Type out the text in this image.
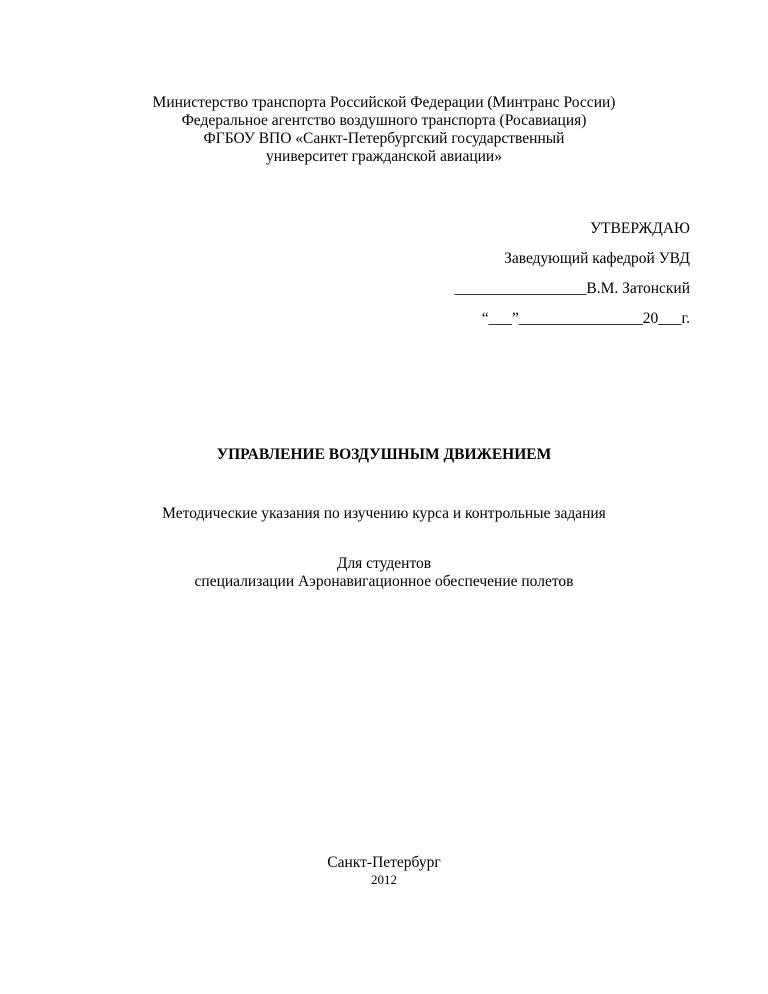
Министерство транспорта Российской Федерации (Минтранс России)
Федеральное агентство воздушного транспорта (Росавиация)
ФГБОУ ВПО «Санкт-Петербургский государственный
университет гражданской авиации»
УТВЕРЖДАЮ
Заведующий кафедрой УВД
_________________В.М. Затонский
“___”________________20___г.
УПРАВЛЕНИЕ ВОЗДУШНЫМ ДВИЖЕНИЕМ
Методические указания по изучению курса и контрольные задания
Для студентов
специализации Аэронавигационное обеспечение полетов
Санкт-Петербург
2012
